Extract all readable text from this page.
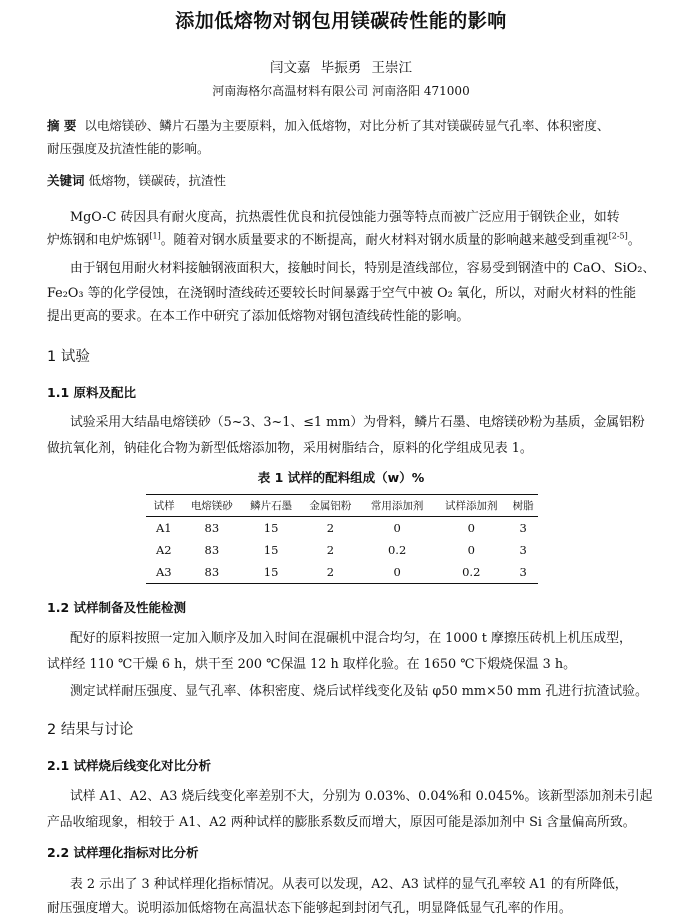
添加低熔物对钢包用镁碳砖性能的影响
闫文嘉 毕振勇 王崇江
河南海格尔高温材料有限公司 河南洛阳 471000
摘 要 以电熔镁砂、鳞片石墨为主要原料，加入低熔物，对比分析了其对镁碳砖显气孔率、体积密度、
耐压强度及抗渣性能的影响。
关键词 低熔物，镁碳砖，抗渣性
MgO-C 砖因具有耐火度高，抗热震性优良和抗侵蚀能力强等特点而被广泛应用于钢铁企业，如转
炉炼钢和电炉炼钢[1]。随着对钢水质量要求的不断提高，耐火材料对钢水质量的影响越来越受到重视[2-5]。
由于钢包用耐火材料接触钢液面积大，接触时间长，特别是渣线部位，容易受到钢渣中的 CaO、SiO₂、
Fe₂O₃ 等的化学侵蚀，在浇钢时渣线砖还要较长时间暴露于空气中被 O₂ 氧化，所以，对耐火材料的性能
提出更高的要求。在本工作中研究了添加低熔物对钢包渣线砖性能的影响。
1 试验
1.1 原料及配比
试验采用大结晶电熔镁砂（5~3、3~1、≤1 mm）为骨料，鳞片石墨、电熔镁砂粉为基质，金属铝粉
做抗氧化剂，钠硅化合物为新型低熔添加物，采用树脂结合，原料的化学组成见表 1。
表 1 试样的配料组成（w）%
试样	电熔镁砂	鳞片石墨	金属铝粉	常用添加剂	试样添加剂	树脂
A1	83	15	2	0	0	3
A2	83	15	2	0.2	0	3
A3	83	15	2	0	0.2	3
1.2 试样制备及性能检测
配好的原料按照一定加入顺序及加入时间在混碾机中混合均匀，在 1000 t 摩擦压砖机上机压成型，
试样经 110 ℃干燥 6 h，烘干至 200 ℃保温 12 h 取样化验。在 1650 ℃下煅烧保温 3 h。
测定试样耐压强度、显气孔率、体积密度、烧后试样线变化及钻 φ50 mm×50 mm 孔进行抗渣试验。
2 结果与讨论
2.1 试样烧后线变化对比分析
试样 A1、A2、A3 烧后线变化率差别不大，分别为 0.03%、0.04%和 0.045%。该新型添加剂未引起
产品收缩现象，相较于 A1、A2 两种试样的膨胀系数反而增大，原因可能是添加剂中 Si 含量偏高所致。
2.2 试样理化指标对比分析
表 2 示出了 3 种试样理化指标情况。从表可以发现，A2、A3 试样的显气孔率较 A1 的有所降低，
耐压强度增大。说明添加低熔物在高温状态下能够起到封闭气孔，明显降低显气孔率的作用。
